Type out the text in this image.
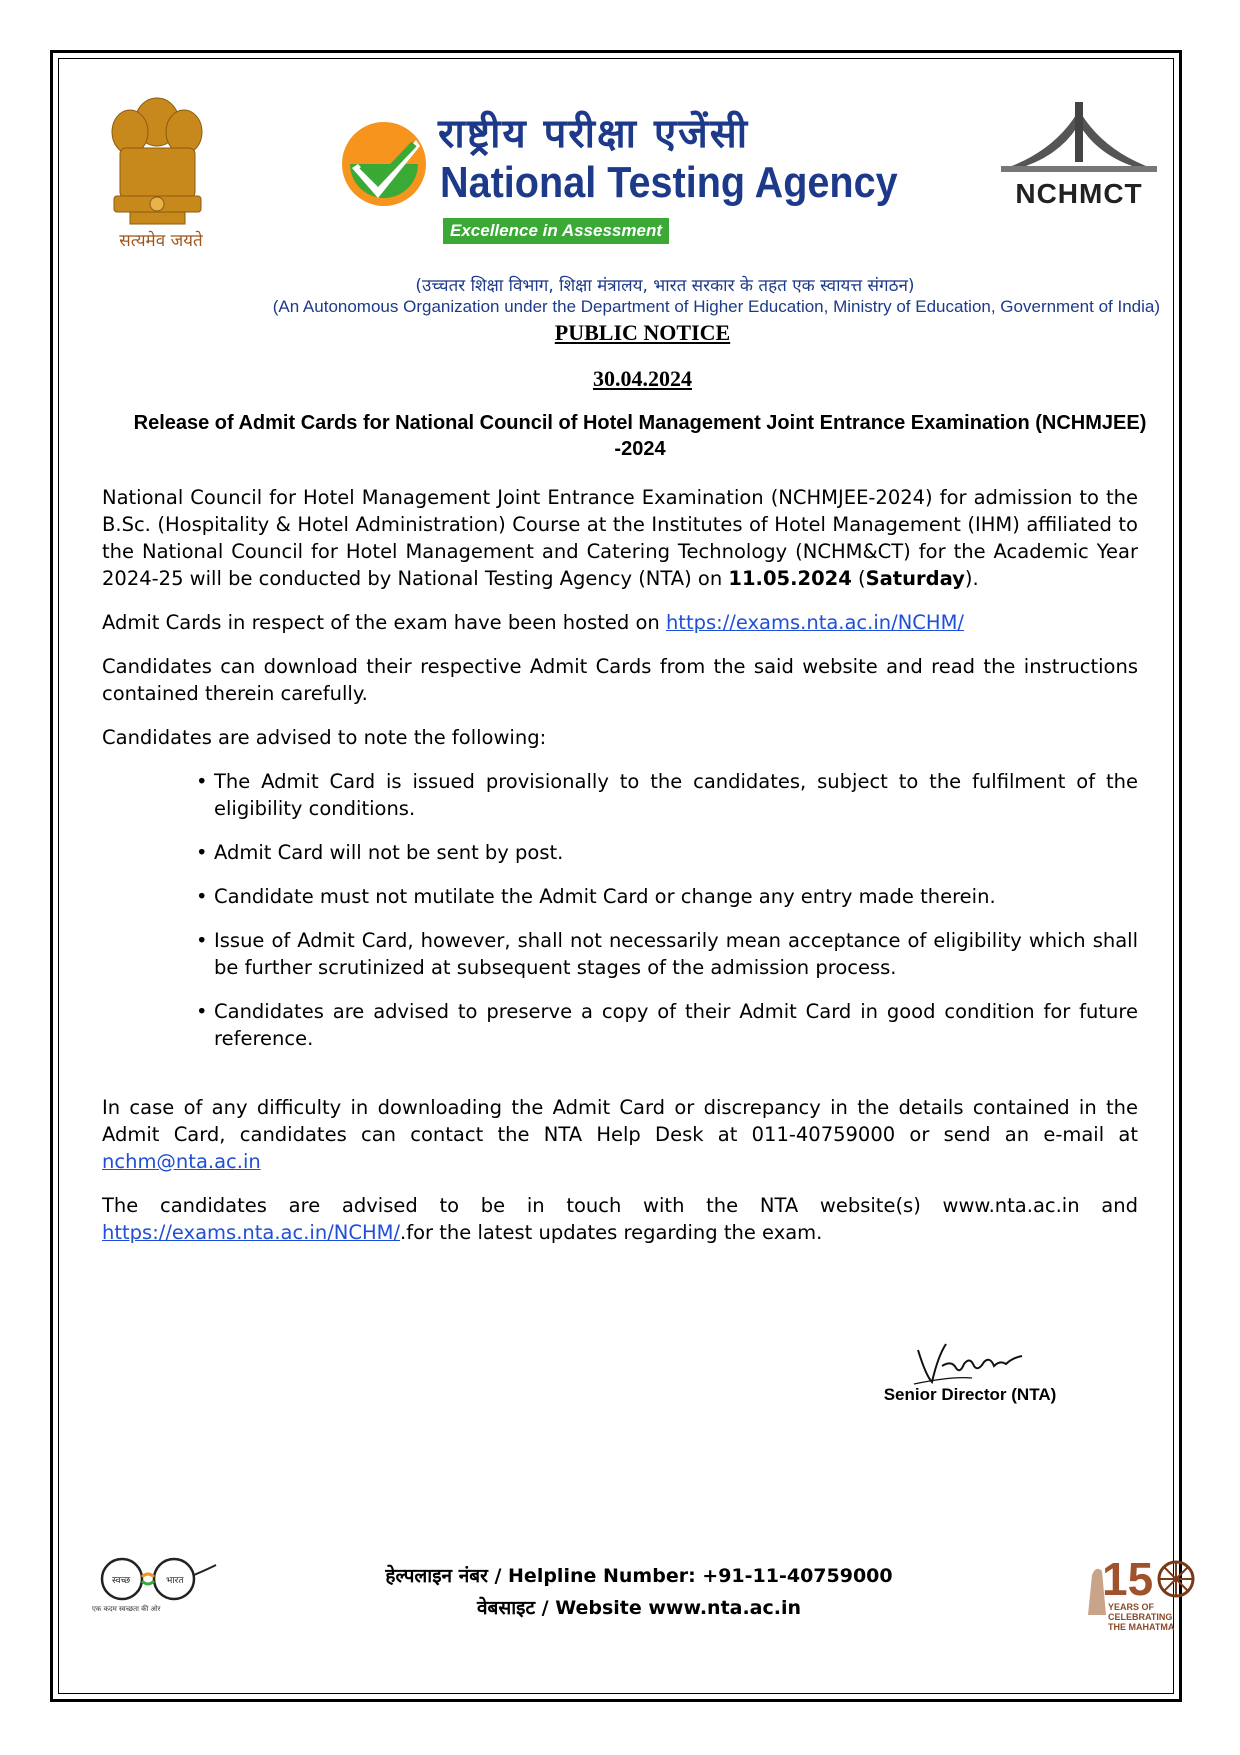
सत्यमेव जयते
राष्ट्रीय परीक्षा एजेंसी
National Testing Agency
Excellence in Assessment
NCHMCT
(उच्चतर शिक्षा विभाग, शिक्षा मंत्रालय, भारत सरकार के तहत एक स्वायत्त संगठन)
(An Autonomous Organization under the Department of Higher Education, Ministry of Education, Government of India)
PUBLIC NOTICE
30.04.2024
Release of Admit Cards for National Council of Hotel Management Joint Entrance Examination (NCHMJEE) -2024

National Council for Hotel Management Joint Entrance Examination (NCHMJEE-2024) for admission to the B.Sc. (Hospitality & Hotel Administration) Course at the Institutes of Hotel Management (IHM) affiliated to the National Council for Hotel Management and Catering Technology (NCHM&CT) for the Academic Year 2024-25 will be conducted by National Testing Agency (NTA) on 11.05.2024 (Saturday).

Admit Cards in respect of the exam have been hosted on https://exams.nta.ac.in/NCHM/

Candidates can download their respective Admit Cards from the said website and read the instructions contained therein carefully.

Candidates are advised to note the following:

• The Admit Card is issued provisionally to the candidates, subject to the fulfilment of the eligibility conditions.
• Admit Card will not be sent by post.
• Candidate must not mutilate the Admit Card or change any entry made therein.
• Issue of Admit Card, however, shall not necessarily mean acceptance of eligibility which shall be further scrutinized at subsequent stages of the admission process.
• Candidates are advised to preserve a copy of their Admit Card in good condition for future reference.

In case of any difficulty in downloading the Admit Card or discrepancy in the details contained in the Admit Card, candidates can contact the NTA Help Desk at 011-40759000 or send an e-mail at nchm@nta.ac.in

The candidates are advised to be in touch with the NTA website(s) www.nta.ac.in and https://exams.nta.ac.in/NCHM/.for the latest updates regarding the exam.

Senior Director (NTA)
स्वच्छ	भारत
एक कदम स्वच्छता की ओर
हेल्पलाइन नंबर / Helpline Number: +91-11-40759000
वेबसाइट / Website www.nta.ac.in
15
YEARS OF
CELEBRATING
THE MAHATMA
